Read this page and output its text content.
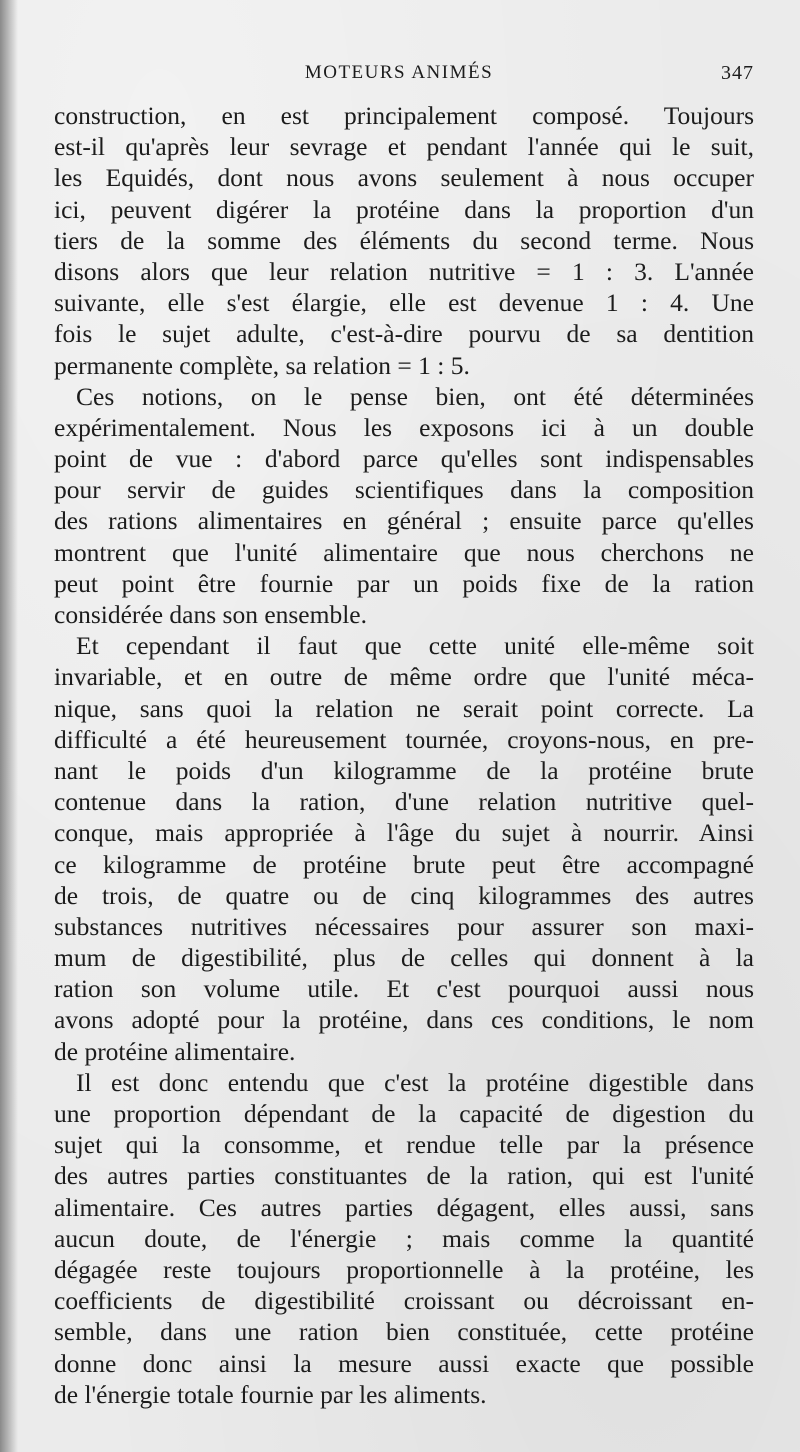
MOTEURS ANIMÉS	347
construction, en est principalement composé. Toujours
est-il qu'après leur sevrage et pendant l'année qui le suit,
les Equidés, dont nous avons seulement à nous occuper
ici, peuvent digérer la protéine dans la proportion d'un
tiers de la somme des éléments du second terme. Nous
disons alors que leur relation nutritive = 1 : 3. L'année
suivante, elle s'est élargie, elle est devenue 1 : 4. Une
fois le sujet adulte, c'est-à-dire pourvu de sa dentition
permanente complète, sa relation = 1 : 5.
Ces notions, on le pense bien, ont été déterminées
expérimentalement. Nous les exposons ici à un double
point de vue : d'abord parce qu'elles sont indispensables
pour servir de guides scientifiques dans la composition
des rations alimentaires en général ; ensuite parce qu'elles
montrent que l'unité alimentaire que nous cherchons ne
peut point être fournie par un poids fixe de la ration
considérée dans son ensemble.
Et cependant il faut que cette unité elle-même soit
invariable, et en outre de même ordre que l'unité méca-
nique, sans quoi la relation ne serait point correcte. La
difficulté a été heureusement tournée, croyons-nous, en pre-
nant le poids d'un kilogramme de la protéine brute
contenue dans la ration, d'une relation nutritive quel-
conque, mais appropriée à l'âge du sujet à nourrir. Ainsi
ce kilogramme de protéine brute peut être accompagné
de trois, de quatre ou de cinq kilogrammes des autres
substances nutritives nécessaires pour assurer son maxi-
mum de digestibilité, plus de celles qui donnent à la
ration son volume utile. Et c'est pourquoi aussi nous
avons adopté pour la protéine, dans ces conditions, le nom
de protéine alimentaire.
Il est donc entendu que c'est la protéine digestible dans
une proportion dépendant de la capacité de digestion du
sujet qui la consomme, et rendue telle par la présence
des autres parties constituantes de la ration, qui est l'unité
alimentaire. Ces autres parties dégagent, elles aussi, sans
aucun doute, de l'énergie ; mais comme la quantité
dégagée reste toujours proportionnelle à la protéine, les
coefficients de digestibilité croissant ou décroissant en-
semble, dans une ration bien constituée, cette protéine
donne donc ainsi la mesure aussi exacte que possible
de l'énergie totale fournie par les aliments.
